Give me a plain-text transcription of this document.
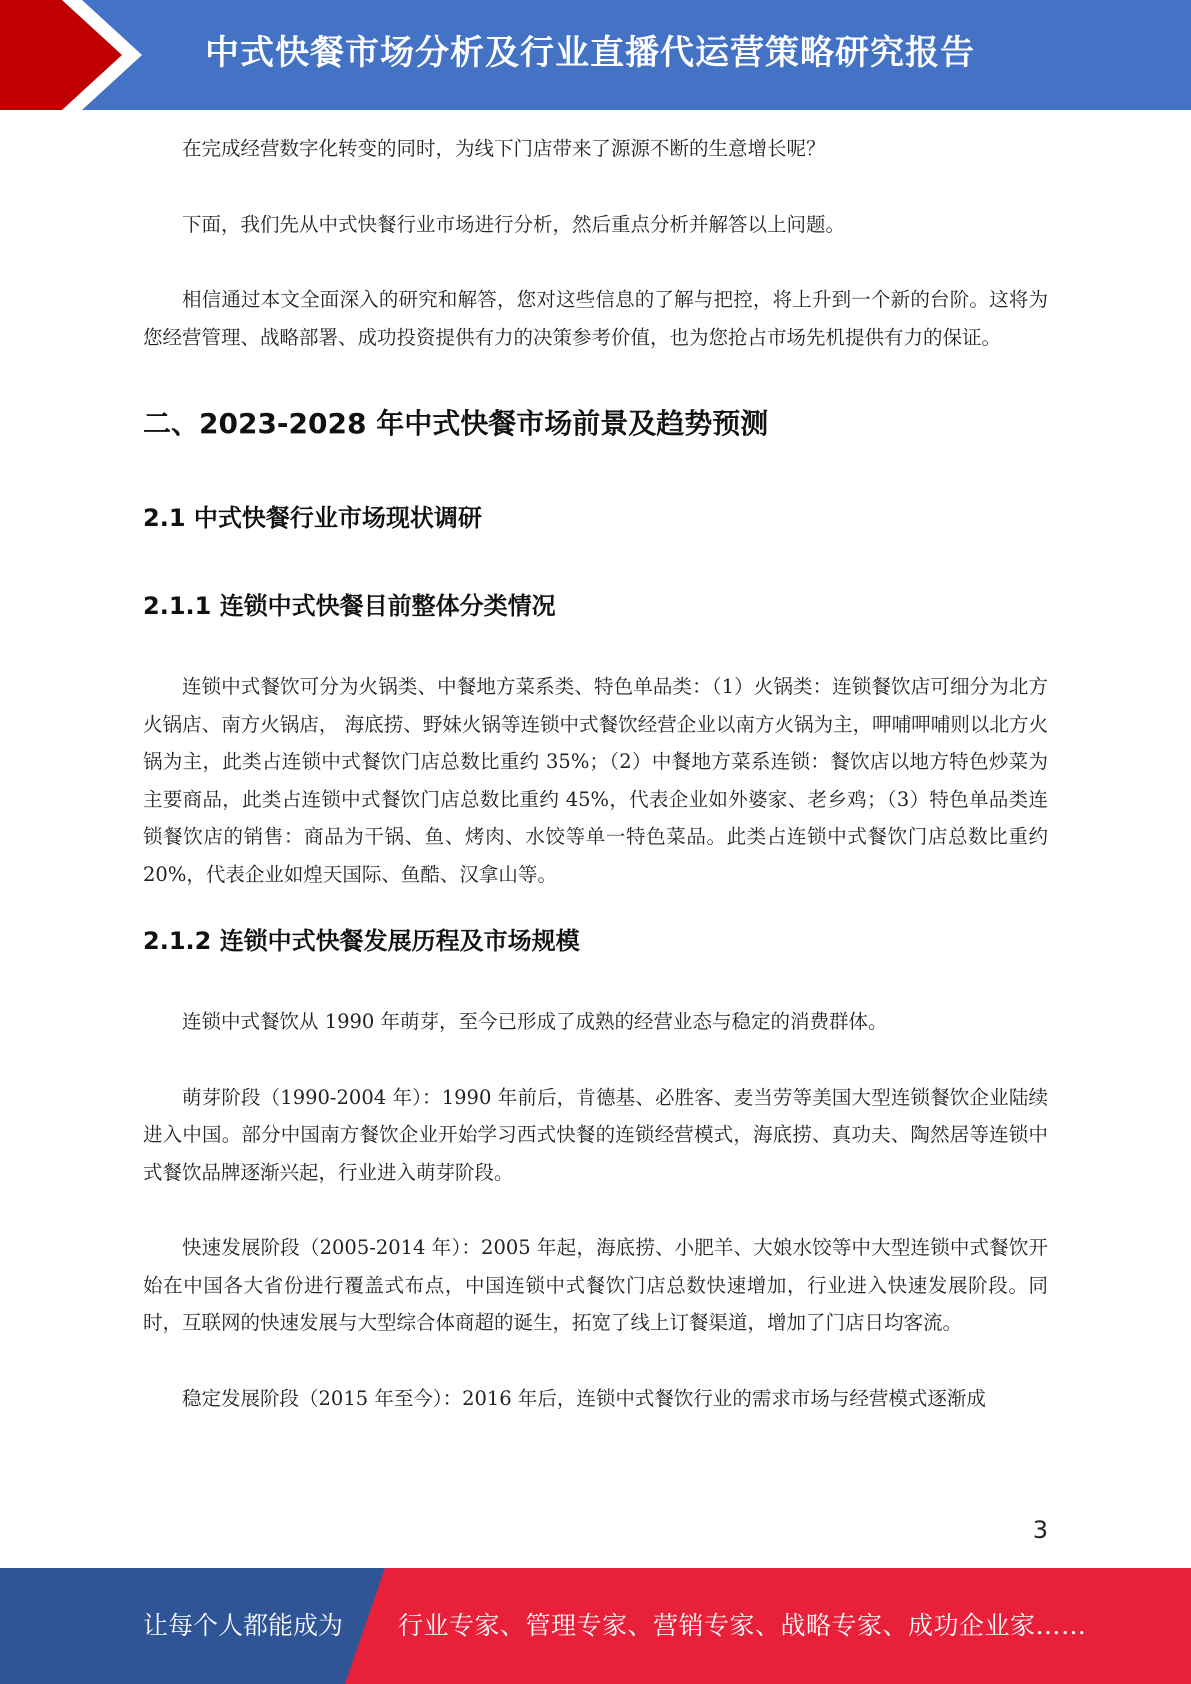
中式快餐市场分析及行业直播代运营策略研究报告

在完成经营数字化转变的同时，为线下门店带来了源源不断的生意增长呢？

下面，我们先从中式快餐行业市场进行分析，然后重点分析并解答以上问题。

相信通过本文全面深入的研究和解答，您对这些信息的了解与把控，将上升到一个新的台阶。这将为您经营管理、战略部署、成功投资提供有力的决策参考价值，也为您抢占市场先机提供有力的保证。

二、2023-2028 年中式快餐市场前景及趋势预测
2.1 中式快餐行业市场现状调研
2.1.1 连锁中式快餐目前整体分类情况

连锁中式餐饮可分为火锅类、中餐地方菜系类、特色单品类：（1）火锅类：连锁餐饮店可细分为北方火锅店、南方火锅店， 海底捞、野妹火锅等连锁中式餐饮经营企业以南方火锅为主，呷哺呷哺则以北方火锅为主，此类占连锁中式餐饮门店总数比重约 35%；（2）中餐地方菜系连锁：餐饮店以地方特色炒菜为主要商品，此类占连锁中式餐饮门店总数比重约 45%，代表企业如外婆家、老乡鸡；（3）特色单品类连锁餐饮店的销售：商品为干锅、鱼、烤肉、水饺等单一特色菜品。此类占连锁中式餐饮门店总数比重约 20%，代表企业如煌天国际、鱼酷、汉拿山等。

2.1.2 连锁中式快餐发展历程及市场规模

连锁中式餐饮从 1990 年萌芽，至今已形成了成熟的经营业态与稳定的消费群体。

萌芽阶段（1990-2004 年）：1990 年前后，肯德基、必胜客、麦当劳等美国大型连锁餐饮企业陆续进入中国。部分中国南方餐饮企业开始学习西式快餐的连锁经营模式，海底捞、真功夫、陶然居等连锁中式餐饮品牌逐渐兴起，行业进入萌芽阶段。

快速发展阶段（2005-2014 年）：2005 年起，海底捞、小肥羊、大娘水饺等中大型连锁中式餐饮开始在中国各大省份进行覆盖式布点，中国连锁中式餐饮门店总数快速增加，行业进入快速发展阶段。同时，互联网的快速发展与大型综合体商超的诞生，拓宽了线上订餐渠道，增加了门店日均客流。

稳定发展阶段（2015 年至今）：2016 年后，连锁中式餐饮行业的需求市场与经营模式逐渐成

3
让每个人都能成为 行业专家、管理专家、营销专家、战略专家、成功企业家……
